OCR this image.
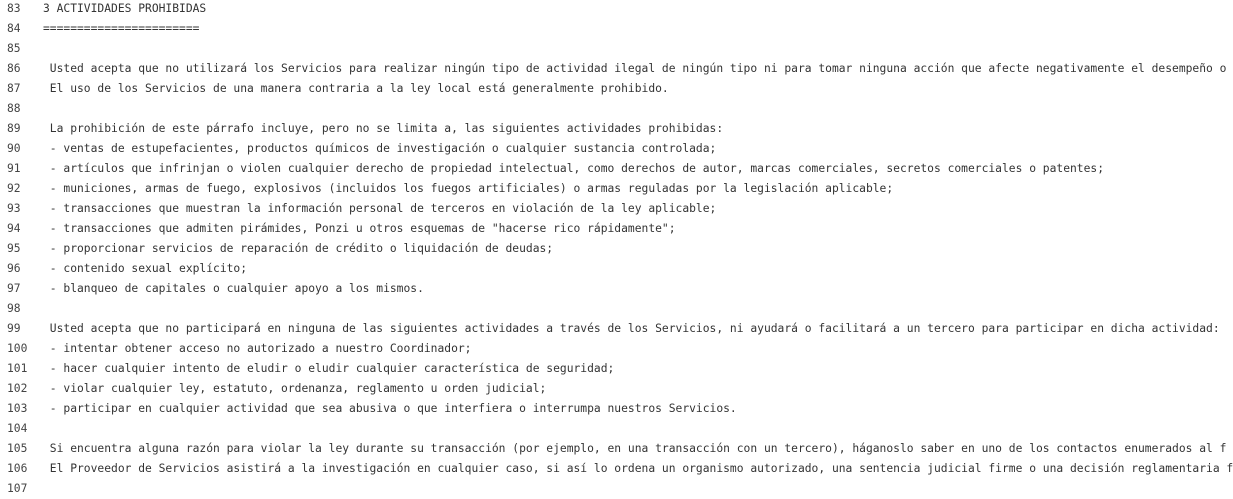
83	3 ACTIVIDADES PROHIBIDAS
84	=======================
85
86	Usted acepta que no utilizará los Servicios para realizar ningún tipo de actividad ilegal de ningún tipo ni para tomar ninguna acción que afecte negativamente el desempeño o
87	El uso de los Servicios de una manera contraria a la ley local está generalmente prohibido.
88
89	La prohibición de este párrafo incluye, pero no se limita a, las siguientes actividades prohibidas:
90	- ventas de estupefacientes, productos químicos de investigación o cualquier sustancia controlada;
91	- artículos que infrinjan o violen cualquier derecho de propiedad intelectual, como derechos de autor, marcas comerciales, secretos comerciales o patentes;
92	- municiones, armas de fuego, explosivos (incluidos los fuegos artificiales) o armas reguladas por la legislación aplicable;
93	- transacciones que muestran la información personal de terceros en violación de la ley aplicable;
94	- transacciones que admiten pirámides, Ponzi u otros esquemas de "hacerse rico rápidamente";
95	- proporcionar servicios de reparación de crédito o liquidación de deudas;
96	- contenido sexual explícito;
97	- blanqueo de capitales o cualquier apoyo a los mismos.
98
99	Usted acepta que no participará en ninguna de las siguientes actividades a través de los Servicios, ni ayudará o facilitará a un tercero para participar en dicha actividad:
100	- intentar obtener acceso no autorizado a nuestro Coordinador;
101	- hacer cualquier intento de eludir o eludir cualquier característica de seguridad;
102	- violar cualquier ley, estatuto, ordenanza, reglamento u orden judicial;
103	- participar en cualquier actividad que sea abusiva o que interfiera o interrumpa nuestros Servicios.
104
105	Si encuentra alguna razón para violar la ley durante su transacción (por ejemplo, en una transacción con un tercero), háganoslo saber en uno de los contactos enumerados al f
106	El Proveedor de Servicios asistirá a la investigación en cualquier caso, si así lo ordena un organismo autorizado, una sentencia judicial firme o una decisión reglamentaria f
107
